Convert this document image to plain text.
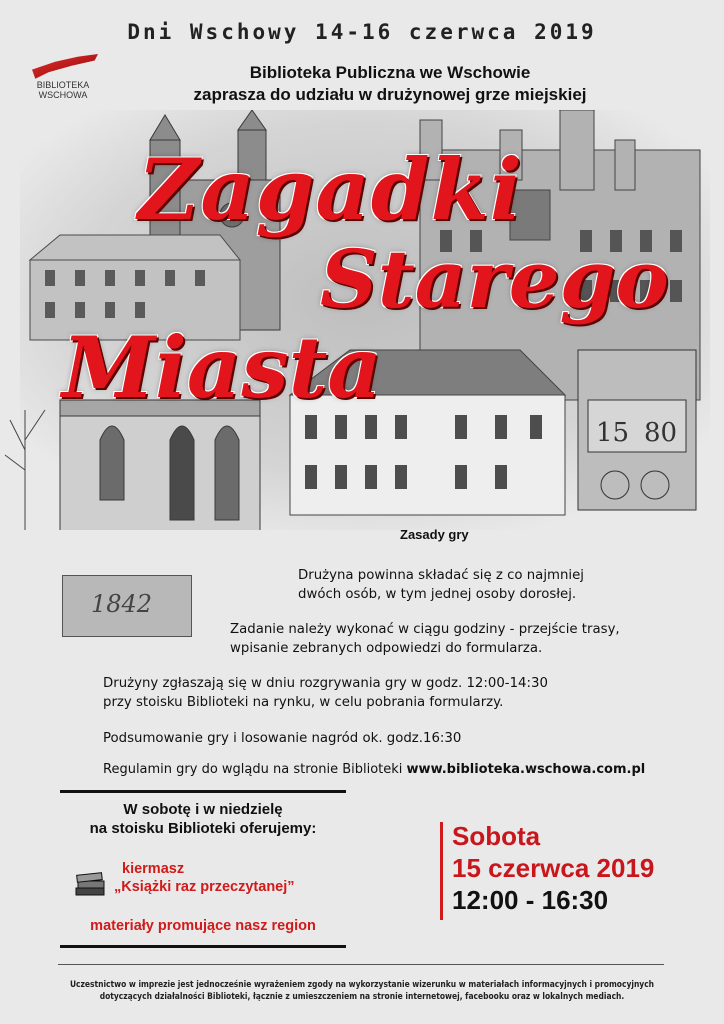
Dni Wschowy 14-16 czerwca 2019
BIBLIOTEKA
WSCHOWA
Biblioteka Publiczna we Wschowie
zaprasza do udziału w drużynowej grze miejskiej
15 80
1842
Zagadki
Starego
Miasta
Zasady gry
Drużyna powinna składać się z co najmniej
dwóch osób, w tym jednej osoby dorosłej.
Zadanie należy wykonać w ciągu godziny - przejście trasy,
wpisanie zebranych odpowiedzi do formularza.
Drużyny zgłaszają się w dniu rozgrywania gry w godz. 12:00-14:30
przy stoisku Biblioteki na rynku, w celu pobrania formularzy.
Podsumowanie gry i losowanie nagród ok. godz.16:30
Regulamin gry do wglądu na stronie Biblioteki www.biblioteka.wschowa.com.pl
W sobotę i w niedzielę
na stoisku Biblioteki oferujemy:
kiermasz
„Książki raz przeczytanej”
materiały promujące nasz region
Sobota
15 czerwca 2019
12:00 - 16:30
Uczestnictwo w imprezie jest jednocześnie wyrażeniem zgody na wykorzystanie wizerunku w materiałach informacyjnych i promocyjnych
dotyczących działalności Biblioteki, łącznie z umieszczeniem na stronie internetowej, facebooku oraz w lokalnych mediach.
